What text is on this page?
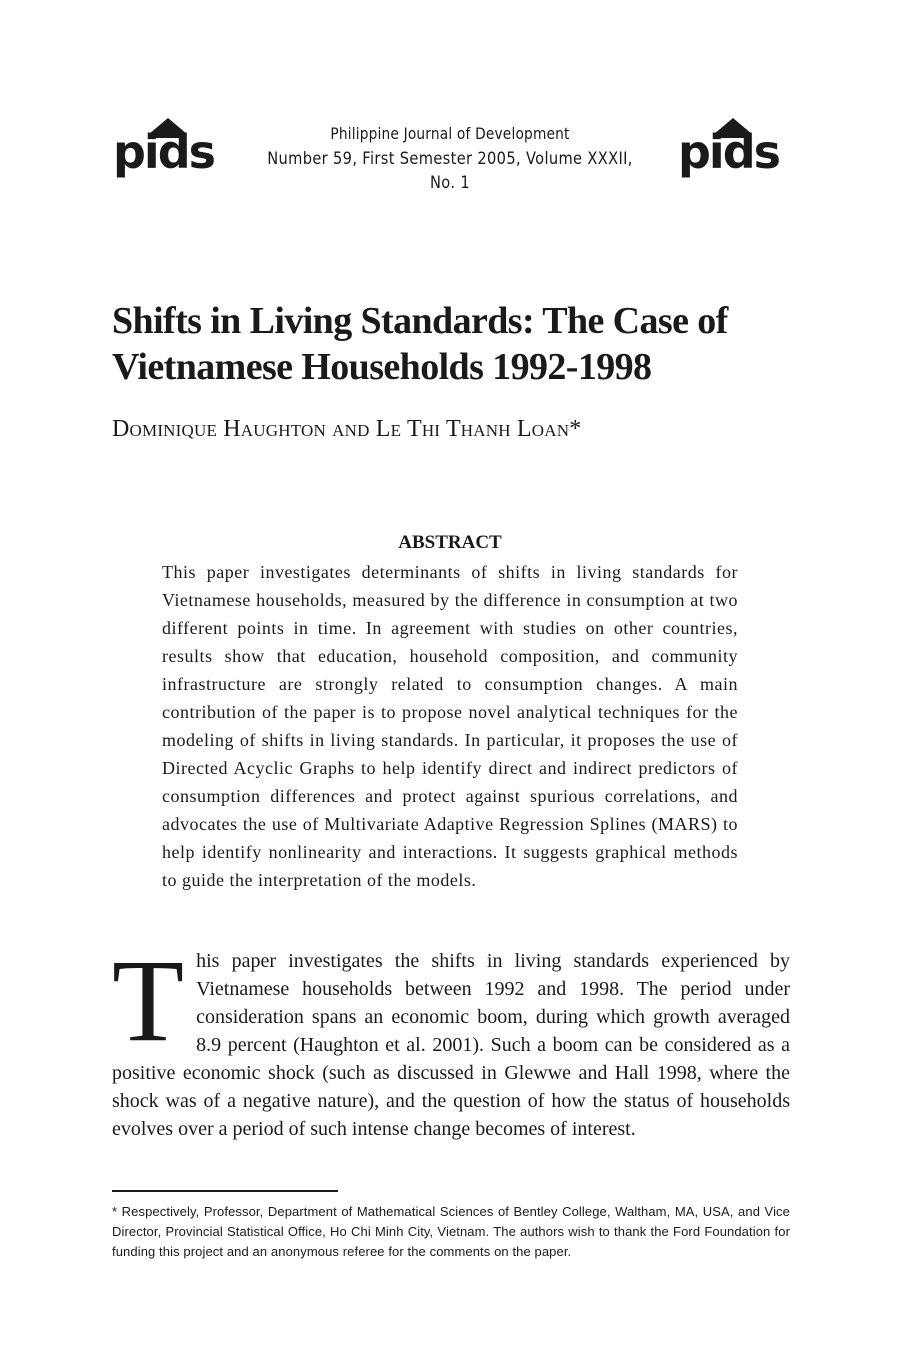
pids	Philippine Journal of Development
Number 59, First Semester 2005, Volume XXXII, No. 1
pids
Shifts in Living Standards: The Case of Vietnamese Households 1992-1998
Dominique Haughton and Le Thi Thanh Loan*
ABSTRACT
This paper investigates determinants of shifts in living standards for Vietnamese households, measured by the difference in consumption at two different points in time. In agreement with studies on other countries, results show that education, household composition, and community infrastructure are strongly related to consumption changes. A main contribution of the paper is to propose novel analytical techniques for the modeling of shifts in living standards. In particular, it proposes the use of Directed Acyclic Graphs to help identify direct and indirect predictors of consumption differences and protect against spurious correlations, and advocates the use of Multivariate Adaptive Regression Splines (MARS) to help identify nonlinearity and interactions. It suggests graphical methods to guide the interpretation of the models.
This paper investigates the shifts in living standards experienced by Vietnamese households between 1992 and 1998. The period under consideration spans an economic boom, during which growth averaged 8.9 percent (Haughton et al. 2001). Such a boom can be considered as a positive economic shock (such as discussed in Glewwe and Hall 1998, where the shock was of a negative nature), and the question of how the status of households evolves over a period of such intense change becomes of interest.
* Respectively, Professor, Department of Mathematical Sciences of Bentley College, Waltham, MA, USA, and Vice Director, Provincial Statistical Office, Ho Chi Minh City, Vietnam. The authors wish to thank the Ford Foundation for funding this project and an anonymous referee for the comments on the paper.
